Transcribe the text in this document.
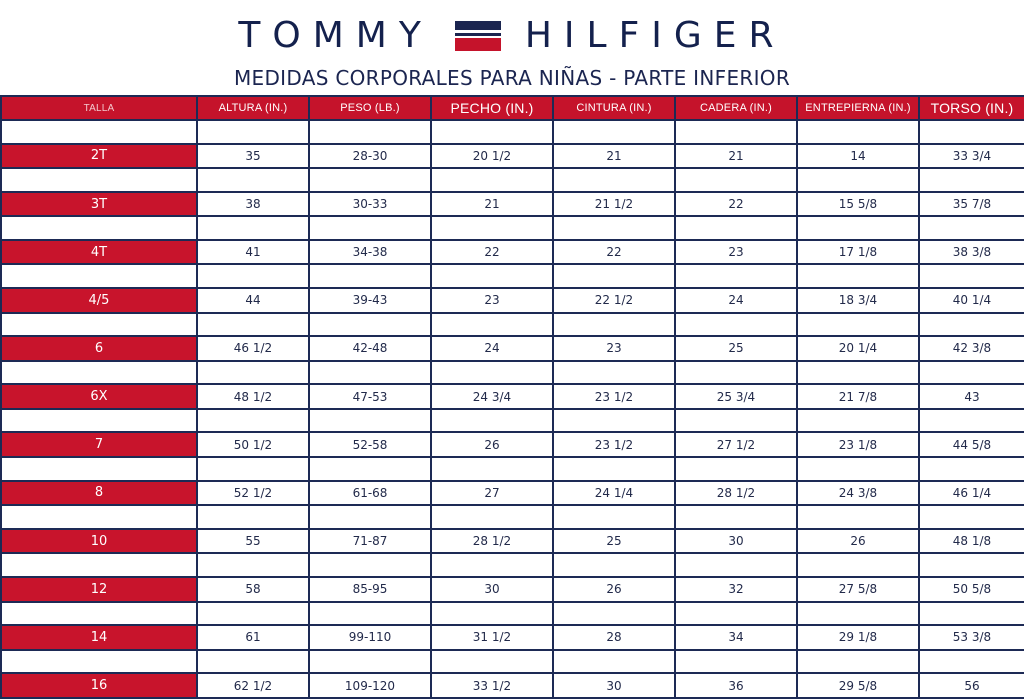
TOMMY	HILFIGER
MEDIDAS CORPORALES PARA NIÑAS - PARTE INFERIOR
TALLA	ALTURA (IN.)	PESO (LB.)	PECHO (IN.)	CINTURA (IN.)	CADERA (IN.)	ENTREPIERNA (IN.)	TORSO (IN.)

2T	35	28-30	20 1/2	21	21	14	33 3/4

3T	38	30-33	21	21 1/2	22	15 5/8	35 7/8

4T	41	34-38	22	22	23	17 1/8	38 3/8

4/5	44	39-43	23	22 1/2	24	18 3/4	40 1/4

6	46 1/2	42-48	24	23	25	20 1/4	42 3/8

6X	48 1/2	47-53	24 3/4	23 1/2	25 3/4	21 7/8	43

7	50 1/2	52-58	26	23 1/2	27 1/2	23 1/8	44 5/8

8	52 1/2	61-68	27	24 1/4	28 1/2	24 3/8	46 1/4

10	55	71-87	28 1/2	25	30	26	48 1/8

12	58	85-95	30	26	32	27 5/8	50 5/8

14	61	99-110	31 1/2	28	34	29 1/8	53 3/8

16	62 1/2	109-120	33 1/2	30	36	29 5/8	56
